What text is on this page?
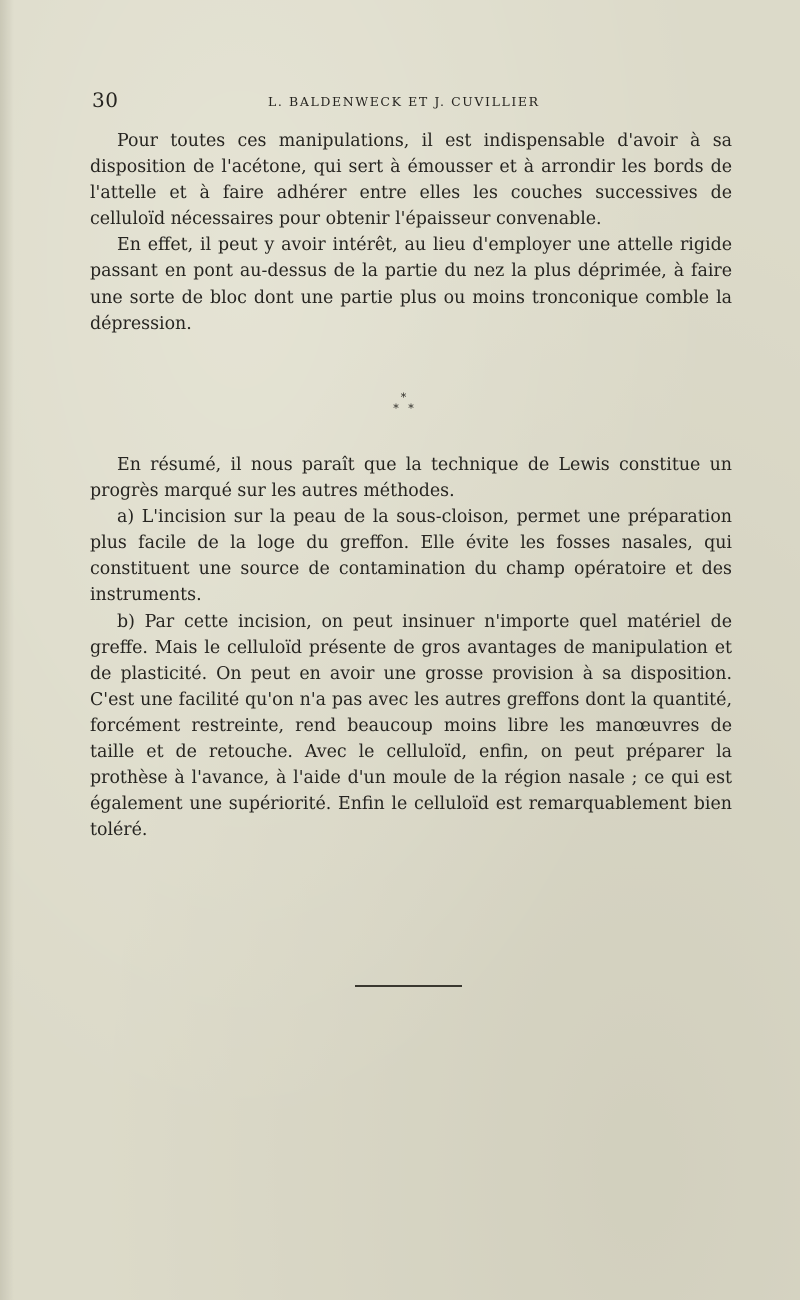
30	L. BALDENWECK ET J. CUVILLIER

Pour toutes ces manipulations, il est indispensable d'avoir à sa disposition de l'acétone, qui sert à émousser et à arrondir les bords de l'attelle et à faire adhérer entre elles les couches successives de celluloïd nécessaires pour obtenir l'épaisseur convenable.

En effet, il peut y avoir intérêt, au lieu d'employer une attelle rigide passant en pont au-dessus de la partie du nez la plus déprimée, à faire une sorte de bloc dont une partie plus ou moins tronconique comble la dépression.

*
* *

En résumé, il nous paraît que la technique de Lewis constitue un progrès marqué sur les autres méthodes.

a) L'incision sur la peau de la sous-cloison, permet une préparation plus facile de la loge du greffon. Elle évite les fosses nasales, qui constituent une source de contamination du champ opératoire et des instruments.

b) Par cette incision, on peut insinuer n'importe quel matériel de greffe. Mais le celluloïd présente de gros avantages de manipulation et de plasticité. On peut en avoir une grosse provision à sa disposition. C'est une facilité qu'on n'a pas avec les autres greffons dont la quantité, forcément restreinte, rend beaucoup moins libre les manœuvres de taille et de retouche. Avec le celluloïd, enfin, on peut préparer la prothèse à l'avance, à l'aide d'un moule de la région nasale ; ce qui est également une supériorité. Enfin le celluloïd est remarquablement bien toléré.
